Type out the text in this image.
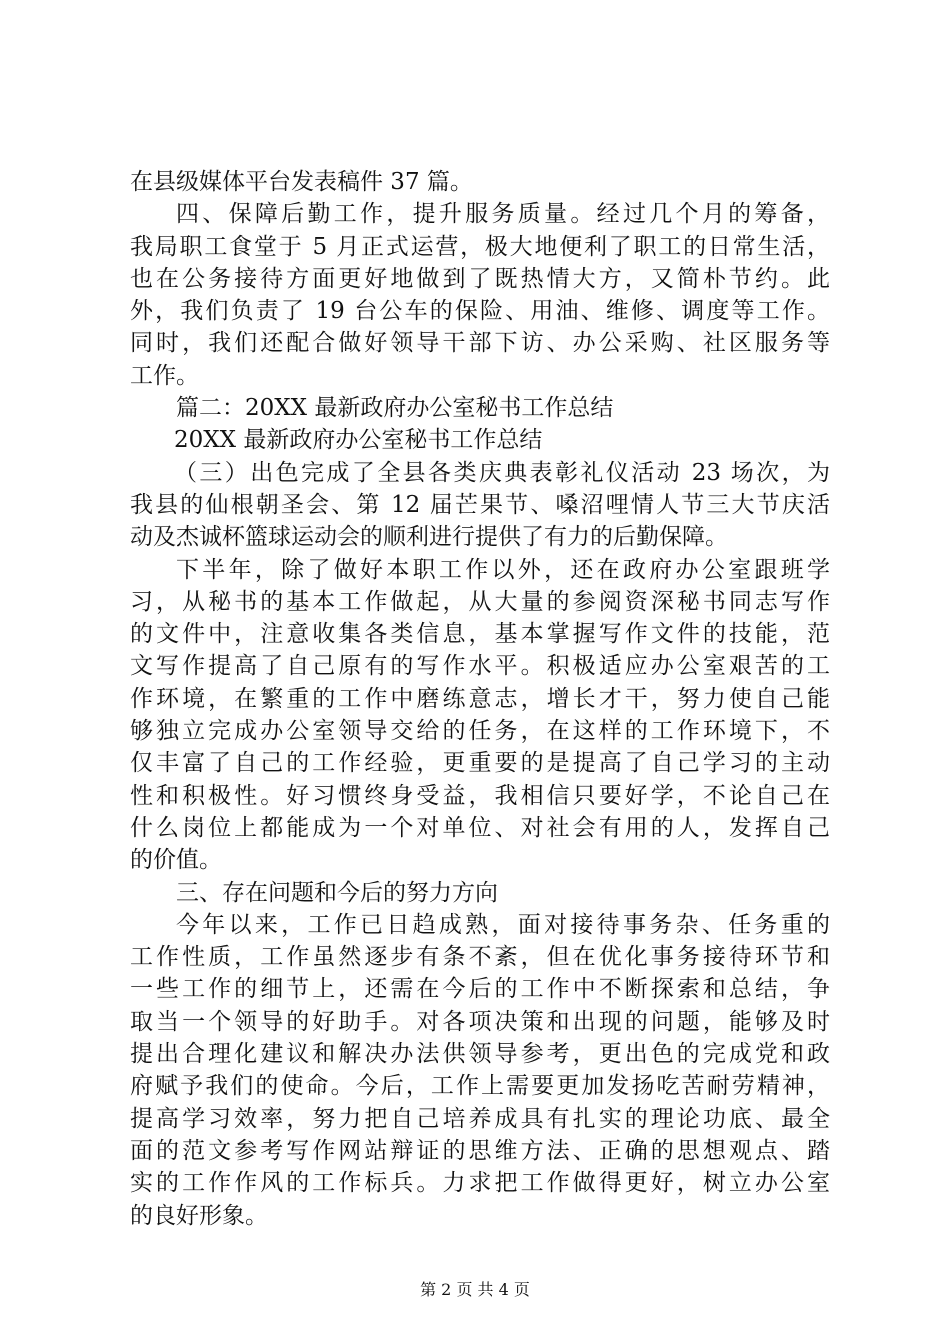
在县级媒体平台发表稿件 37 篇。
四、保障后勤工作，提升服务质量。经过几个月的筹备，
我局职工食堂于 5 月正式运营，极大地便利了职工的日常生活，
也在公务接待方面更好地做到了既热情大方，又简朴节约。此
外，我们负责了 19 台公车的保险、用油、维修、调度等工作。
同时，我们还配合做好领导干部下访、办公采购、社区服务等
工作。
篇二：20XX 最新政府办公室秘书工作总结
20XX 最新政府办公室秘书工作总结
（三）出色完成了全县各类庆典表彰礼仪活动 23 场次，为
我县的仙根朝圣会、第 12 届芒果节、嗓沼哩情人节三大节庆活
动及杰诚杯篮球运动会的顺利进行提供了有力的后勤保障。
下半年，除了做好本职工作以外，还在政府办公室跟班学
习，从秘书的基本工作做起，从大量的参阅资深秘书同志写作
的文件中，注意收集各类信息，基本掌握写作文件的技能，范
文写作提高了自己原有的写作水平。积极适应办公室艰苦的工
作环境，在繁重的工作中磨练意志，增长才干，努力使自己能
够独立完成办公室领导交给的任务，在这样的工作环境下，不
仅丰富了自己的工作经验，更重要的是提高了自己学习的主动
性和积极性。好习惯终身受益，我相信只要好学，不论自己在
什么岗位上都能成为一个对单位、对社会有用的人，发挥自己
的价值。
三、存在问题和今后的努力方向
今年以来，工作已日趋成熟，面对接待事务杂、任务重的
工作性质，工作虽然逐步有条不紊，但在优化事务接待环节和
一些工作的细节上，还需在今后的工作中不断探索和总结，争
取当一个领导的好助手。对各项决策和出现的问题，能够及时
提出合理化建议和解决办法供领导参考，更出色的完成党和政
府赋予我们的使命。今后，工作上需要更加发扬吃苦耐劳精神，
提高学习效率，努力把自己培养成具有扎实的理论功底、最全
面的范文参考写作网站辩证的思维方法、正确的思想观点、踏
实的工作作风的工作标兵。力求把工作做得更好，树立办公室
的良好形象。
第 2 页 共 4 页
